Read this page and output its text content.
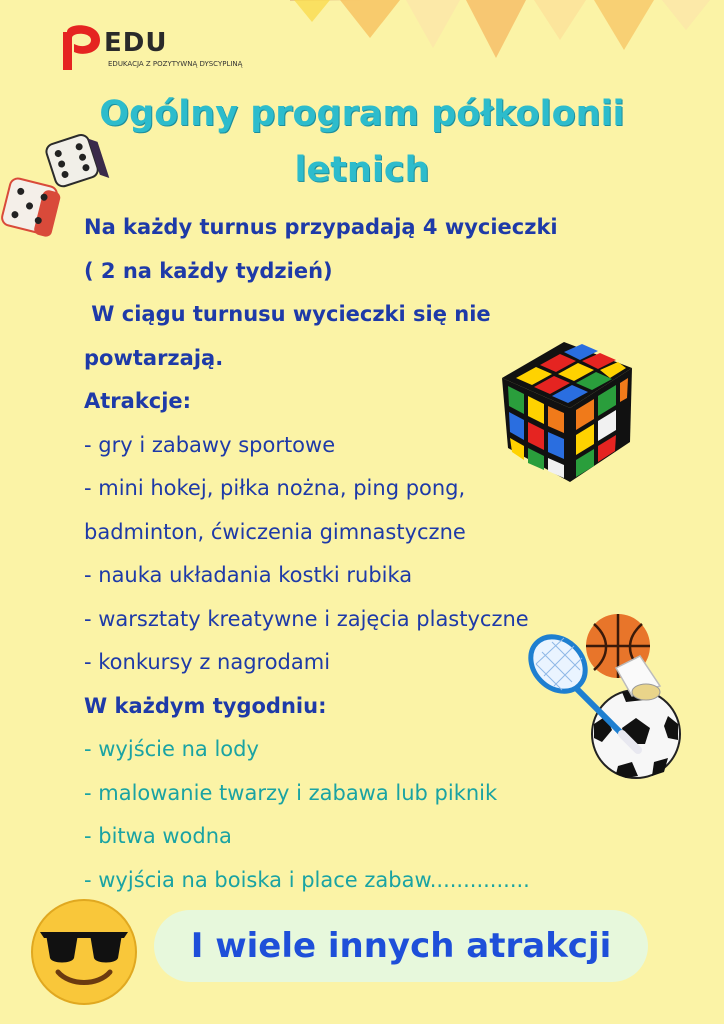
EDU
EDUKACJA Z POZYTYWNĄ DYSCYPLINĄ
Ogólny program półkolonii
letnich
Na każdy turnus przypadają 4 wycieczki
( 2 na każdy tydzień)
W ciągu turnusu wycieczki się nie
powtarzają.
Atrakcje:
- gry i zabawy sportowe
- mini hokej, piłka nożna, ping pong,
badminton, ćwiczenia gimnastyczne
- nauka układania kostki rubika
- warsztaty kreatywne i zajęcia plastyczne
- konkursy z nagrodami
W każdym tygodniu:
- wyjście na lody
- malowanie twarzy i zabawa lub piknik
- bitwa wodna
- wyjścia na boiska i place zabaw...............
I wiele innych atrakcji
